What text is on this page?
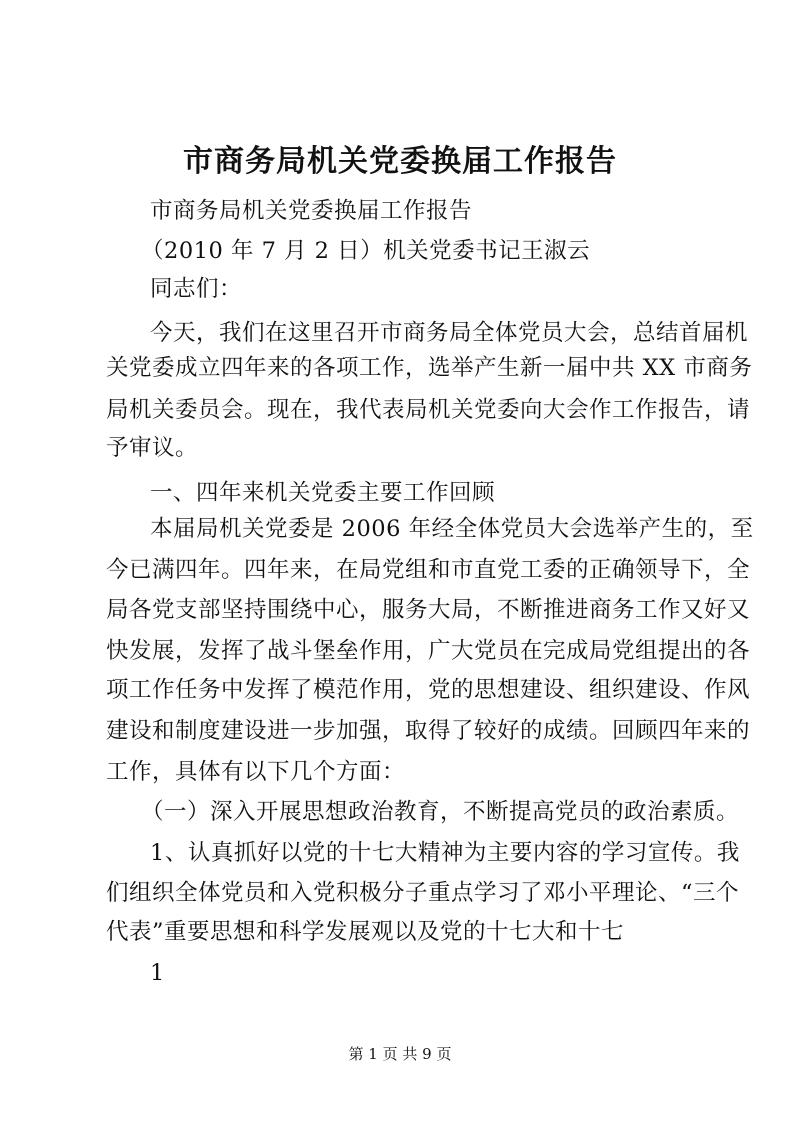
市商务局机关党委换届工作报告
市商务局机关党委换届工作报告
（2010 年 7 月 2 日）机关党委书记王淑云
同志们：
今天，我们在这里召开市商务局全体党员大会，总结首届机
关党委成立四年来的各项工作，选举产生新一届中共 XX 市商务
局机关委员会。现在，我代表局机关党委向大会作工作报告，请
予审议。
一、四年来机关党委主要工作回顾
本届局机关党委是 2006 年经全体党员大会选举产生的，至
今已满四年。四年来，在局党组和市直党工委的正确领导下，全
局各党支部坚持围绕中心，服务大局，不断推进商务工作又好又
快发展，发挥了战斗堡垒作用，广大党员在完成局党组提出的各
项工作任务中发挥了模范作用，党的思想建设、组织建设、作风
建设和制度建设进一步加强，取得了较好的成绩。回顾四年来的
工作，具体有以下几个方面：
（一）深入开展思想政治教育，不断提高党员的政治素质。
1、认真抓好以党的十七大精神为主要内容的学习宣传。我
们组织全体党员和入党积极分子重点学习了邓小平理论、“三个
代表”重要思想和科学发展观以及党的十七大和十七
1
第 1 页 共 9 页
